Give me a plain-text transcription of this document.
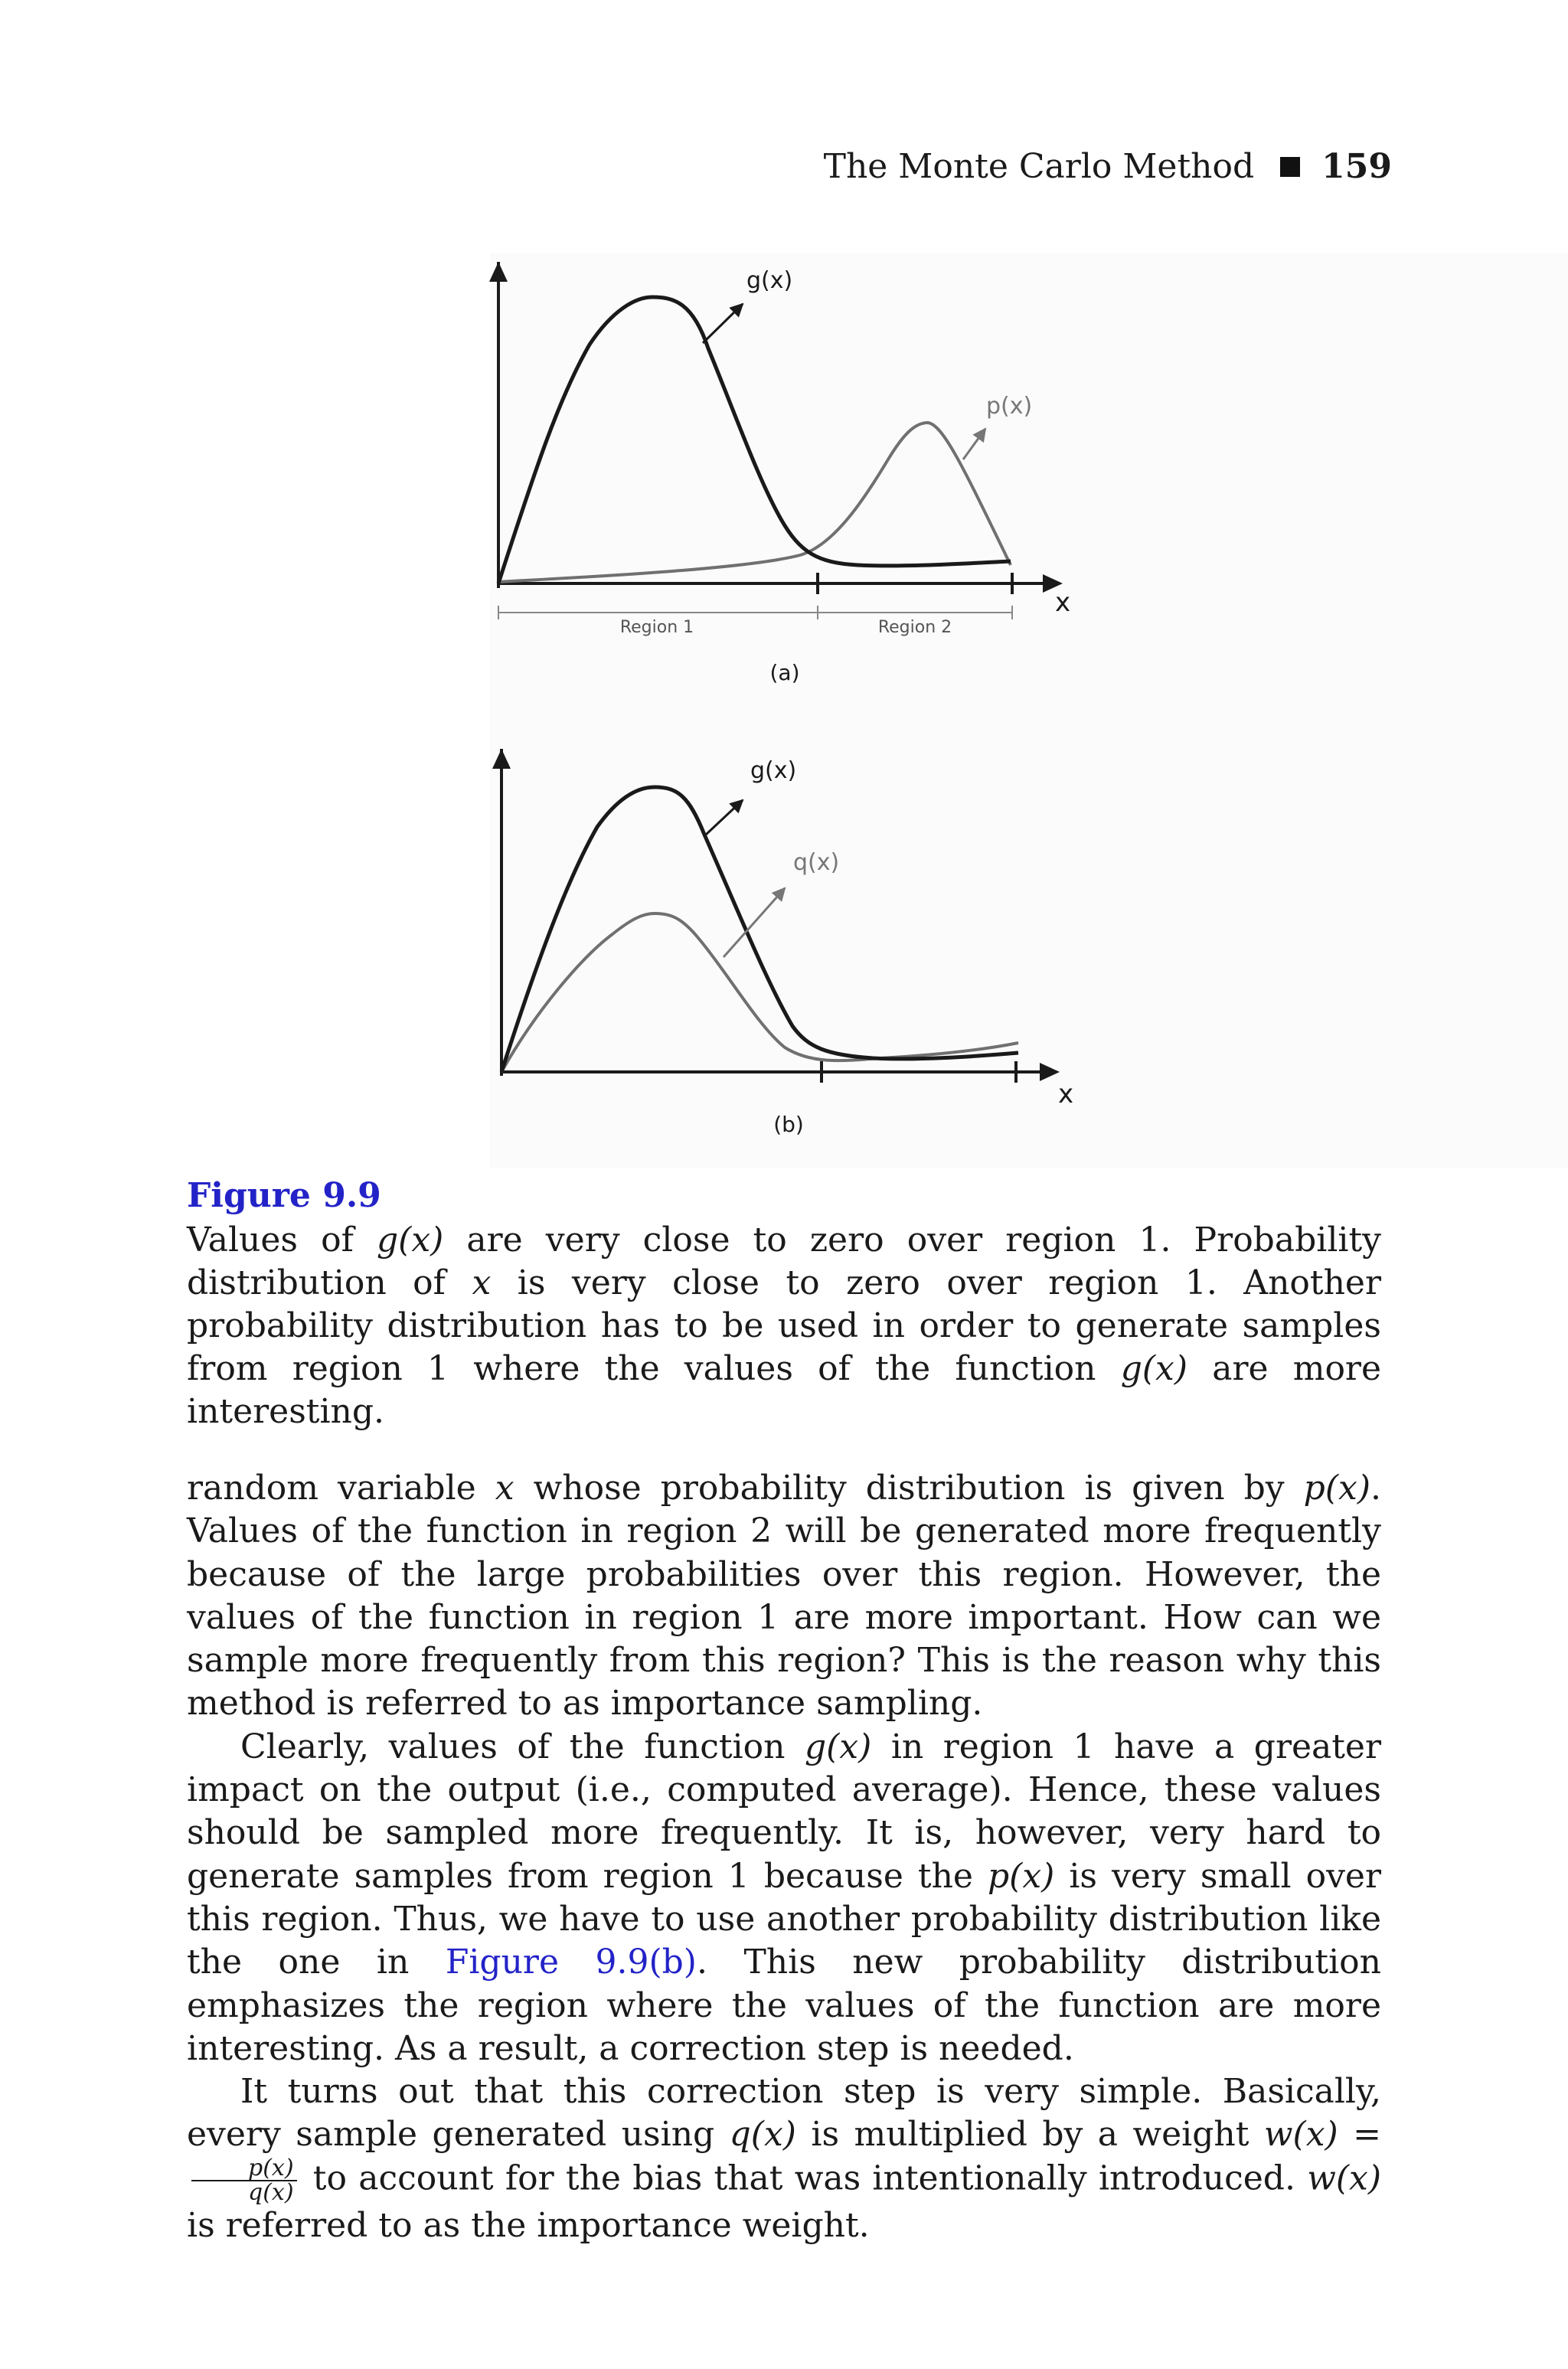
The Monte Carlo Method 159
x
Region 1	Region 2
g(x)
p(x)
(a)
x
g(x)
q(x)
(b)
Figure 9.9
Values of g(x) are very close to zero over region 1. Probability distribution of x is very close to zero over region 1. Another probability distribution has to be used in order to generate samples from region 1 where the values of the function g(x) are more interesting.

random variable x whose probability distribution is given by p(x). Values of the function in region 2 will be generated more frequently because of the large probabilities over this region. However, the values of the function in region 1 are more important. How can we sample more frequently from this region? This is the reason why this method is referred to as importance sampling.

Clearly, values of the function g(x) in region 1 have a greater impact on the output (i.e., computed average). Hence, these values should be sampled more frequently. It is, however, very hard to generate samples from region 1 because the p(x) is very small over this region. Thus, we have to use another probability distribution like the one in Figure 9.9(b). This new probability distribution emphasizes the region where the values of the function are more interesting. As a result, a correction step is needed.

It turns out that this correction step is very simple. Basically, every sample generated using q(x) is multiplied by a weight w(x) =
$\frac{p(x)}{q(x)}$ to account for the bias that was intentionally introduced. w(x) is referred to as the importance weight.
